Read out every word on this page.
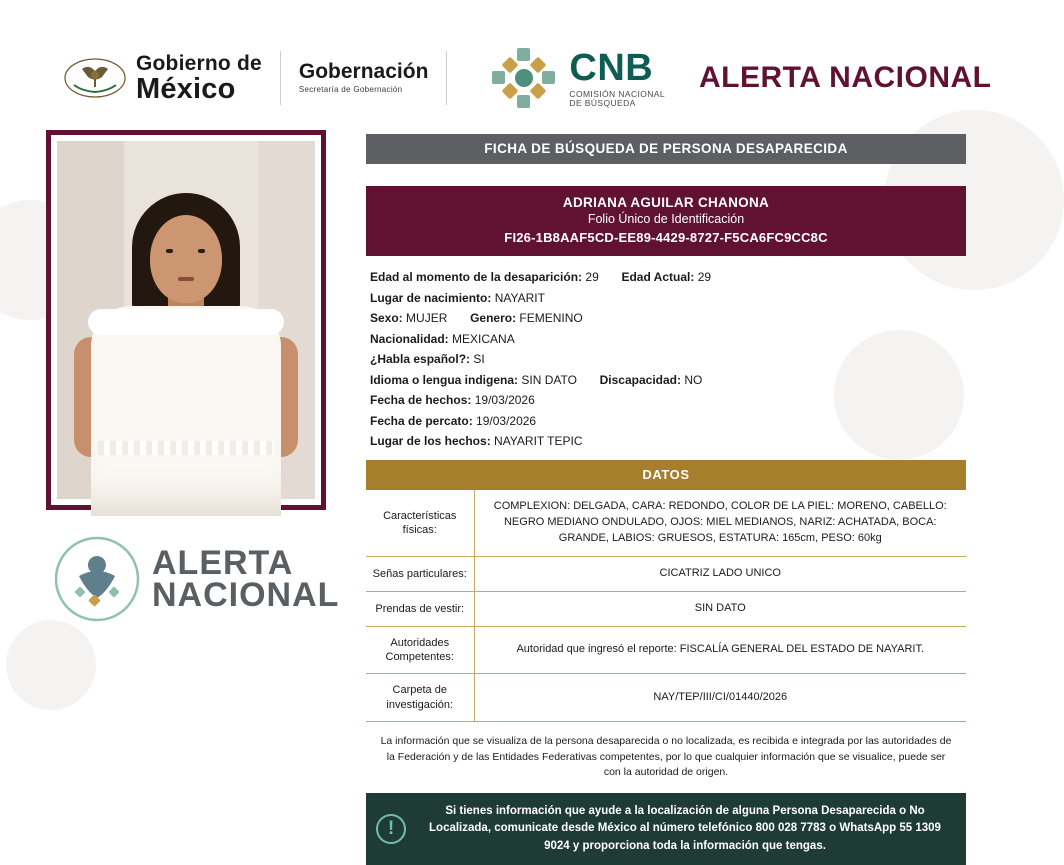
Gobierno de
México
Gobernación
Secretaría de Gobernación
CNB
COMISIÓN NACIONAL
DE BÚSQUEDA
ALERTA NACIONAL
ALERTA
NACIONAL
FICHA DE BÚSQUEDA DE PERSONA DESAPARECIDA
ADRIANA AGUILAR CHANONA
Folio Único de Identificación
FI26-1B8AAF5CD-EE89-4429-8727-F5CA6FC9CC8C
Edad al momento de la desaparición: 29 Edad Actual: 29
Lugar de nacimiento: NAYARIT
Sexo: MUJER Genero: FEMENINO
Nacionalidad: MEXICANA
¿Habla español?: SI
Idioma o lengua indigena: SIN DATO Discapacidad: NO
Fecha de hechos: 19/03/2026
Fecha de percato: 19/03/2026
Lugar de los hechos: NAYARIT TEPIC
DATOS
Características físicas:	COMPLEXION: DELGADA, CARA: REDONDO, COLOR DE LA PIEL: MORENO, CABELLO: NEGRO MEDIANO ONDULADO, OJOS: MIEL MEDIANOS, NARIZ: ACHATADA, BOCA: GRANDE, LABIOS: GRUESOS, ESTATURA: 165cm, PESO: 60kg
Señas particulares:	CICATRIZ LADO UNICO
Prendas de vestir:	SIN DATO
Autoridades Competentes:	Autoridad que ingresó el reporte: FISCALÍA GENERAL DEL ESTADO DE NAYARIT.
Carpeta de investigación:	NAY/TEP/III/CI/01440/2026
La información que se visualiza de la persona desaparecida o no localizada, es recibida e integrada por las autoridades de la Federación y de las Entidades Federativas competentes, por lo que cualquier información que se visualice, puede ser con la autoridad de origen.
!
Si tienes información que ayude a la localización de alguna Persona Desaparecida o No Localizada, comunicate desde México al número telefónico 800 028 7783 o WhatsApp 55 1309 9024 y proporciona toda la información que tengas.
